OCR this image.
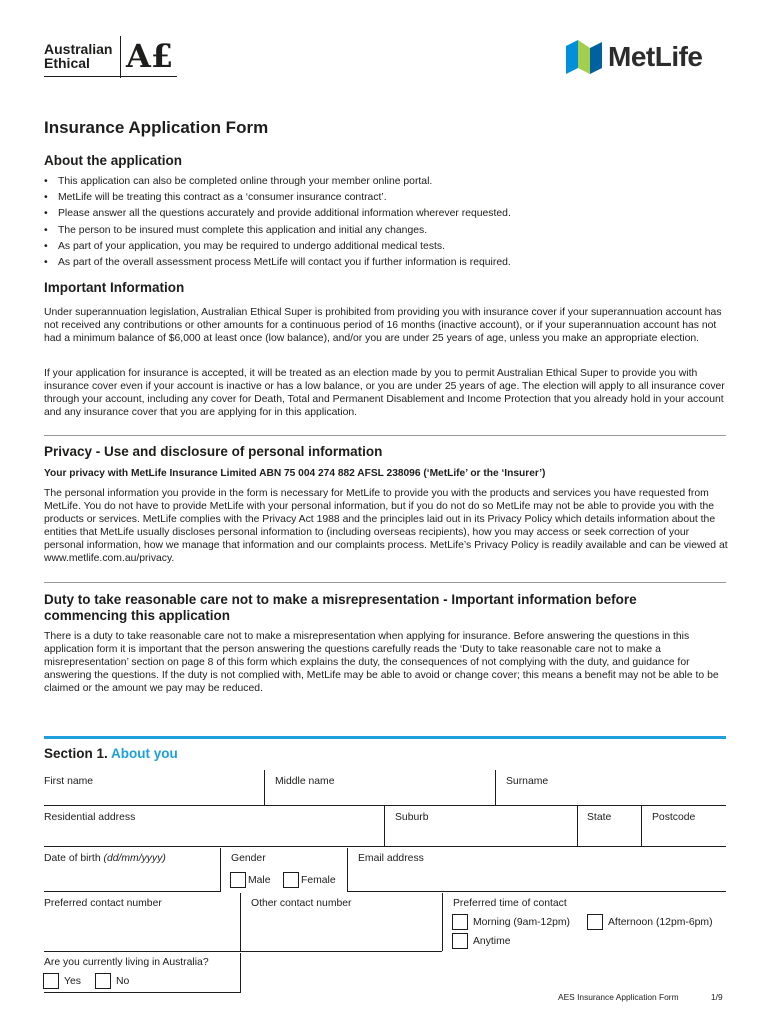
Australian
Ethical	A£	MetLife
Insurance Application Form
About the application
• This application can also be completed online through your member online portal.
• MetLife will be treating this contract as a ‘consumer insurance contract’.
• Please answer all the questions accurately and provide additional information wherever requested.
• The person to be insured must complete this application and initial any changes.
• As part of your application, you may be required to undergo additional medical tests.
• As part of the overall assessment process MetLife will contact you if further information is required.
Important Information

Under superannuation legislation, Australian Ethical Super is prohibited from providing you with insurance cover if your superannuation account has not received any contributions or other amounts for a continuous period of 16 months (inactive account), or if your superannuation account has not had a minimum balance of $6,000 at least once (low balance), and/or you are under 25 years of age, unless you make an appropriate election.

If your application for insurance is accepted, it will be treated as an election made by you to permit Australian Ethical Super to provide you with insurance cover even if your account is inactive or has a low balance, or you are under 25 years of age. The election will apply to all insurance cover through your account, including any cover for Death, Total and Permanent Disablement and Income Protection that you already hold in your account and any insurance cover that you are applying for in this application.

Privacy - Use and disclosure of personal information
Your privacy with MetLife Insurance Limited ABN 75 004 274 882 AFSL 238096 (‘MetLife’ or the ‘Insurer’)

The personal information you provide in the form is necessary for MetLife to provide you with the products and services you have requested from MetLife. You do not have to provide MetLife with your personal information, but if you do not do so MetLife may not be able to provide you with the products or services. MetLife complies with the Privacy Act 1988 and the principles laid out in its Privacy Policy which details information about the entities that MetLife usually discloses personal information to (including overseas recipients), how you may access or seek correction of your personal information, how we manage that information and our complaints process. MetLife’s Privacy Policy is readily available and can be viewed at www.metlife.com.au/privacy.

Duty to take reasonable care not to make a misrepresentation - Important information before
commencing this application

There is a duty to take reasonable care not to make a misrepresentation when applying for insurance. Before answering the questions in this application form it is important that the person answering the questions carefully reads the ‘Duty to take reasonable care not to make a misrepresentation’ section on page 8 of this form which explains the duty, the consequences of not complying with the duty, and guidance for answering the questions. If the duty is not complied with, MetLife may be able to avoid or change cover; this means a benefit may not be able to be claimed or the amount we pay may be reduced.

Section 1. About you
First name	Middle name	Surname
Residential address	Suburb	State	Postcode
Date of birth (dd/mm/yyyy)	Gender
Male	Female
Email address
Preferred contact number	Other contact number	Preferred time of contact
Morning (9am-12pm)	Afternoon (12pm-6pm)
Anytime
Are you currently living in Australia?
Yes	No
AES Insurance Application Form	1/9
